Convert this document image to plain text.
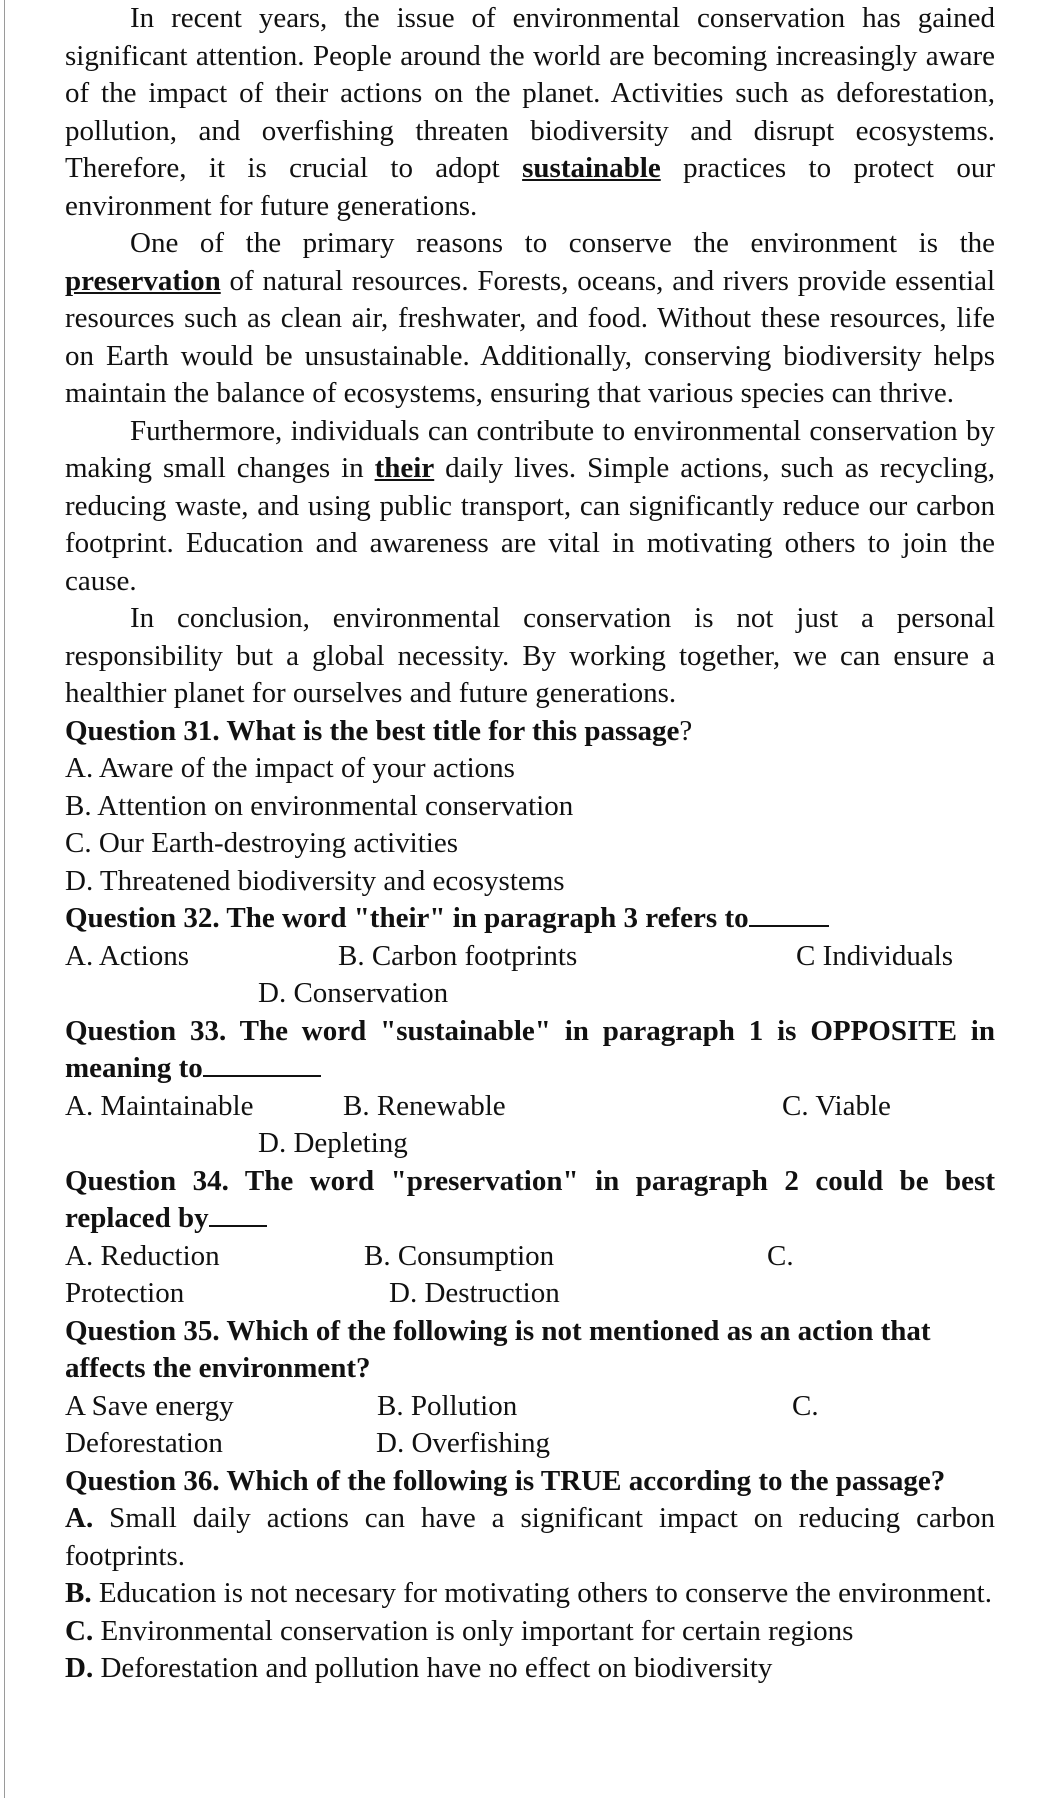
In recent years, the issue of environmental conservation has gained significant attention. People around the world are becoming increasingly aware of the impact of their actions on the planet. Activities such as deforestation, pollution, and overfishing threaten biodiversity and disrupt ecosystems. Therefore, it is crucial to adopt sustainable practices to protect our environment for future generations.

One of the primary reasons to conserve the environment is the preservation of natural resources. Forests, oceans, and rivers provide essential resources such as clean air, freshwater, and food. Without these resources, life on Earth would be unsustainable. Additionally, conserving biodiversity helps maintain the balance of ecosystems, ensuring that various species can thrive.

Furthermore, individuals can contribute to environmental conservation by making small changes in their daily lives. Simple actions, such as recycling, reducing waste, and using public transport, can significantly reduce our carbon footprint. Education and awareness are vital in motivating others to join the cause.

In conclusion, environmental conservation is not just a personal responsibility but a global necessity. By working together, we can ensure a healthier planet for ourselves and future generations.

Question 31. What is the best title for this passage?

A. Aware of the impact of your actions

B. Attention on environmental conservation

C. Our Earth-destroying activities

D. Threatened biodiversity and ecosystems

Question 32. The word "their" in paragraph 3 refers to

A. Actions	B. Carbon footprints	C Individuals
D. Conservation

Question 33. The word "sustainable" in paragraph 1 is OPPOSITE in meaning to

A. Maintainable	B. Renewable	C. Viable
D. Depleting

Question 34. The word "preservation" in paragraph 2 could be best replaced by

A. Reduction	B. Consumption	C.
Protection	D. Destruction

Question 35. Which of the following is not mentioned as an action that affects the environment?

A Save energy	B. Pollution	C.
Deforestation	D. Overfishing

Question 36. Which of the following is TRUE according to the passage?

A. Small daily actions can have a significant impact on reducing carbon footprints.

B. Education is not necesary for motivating others to conserve the environment.

C. Environmental conservation is only important for certain regions

D. Deforestation and pollution have no effect on biodiversity
